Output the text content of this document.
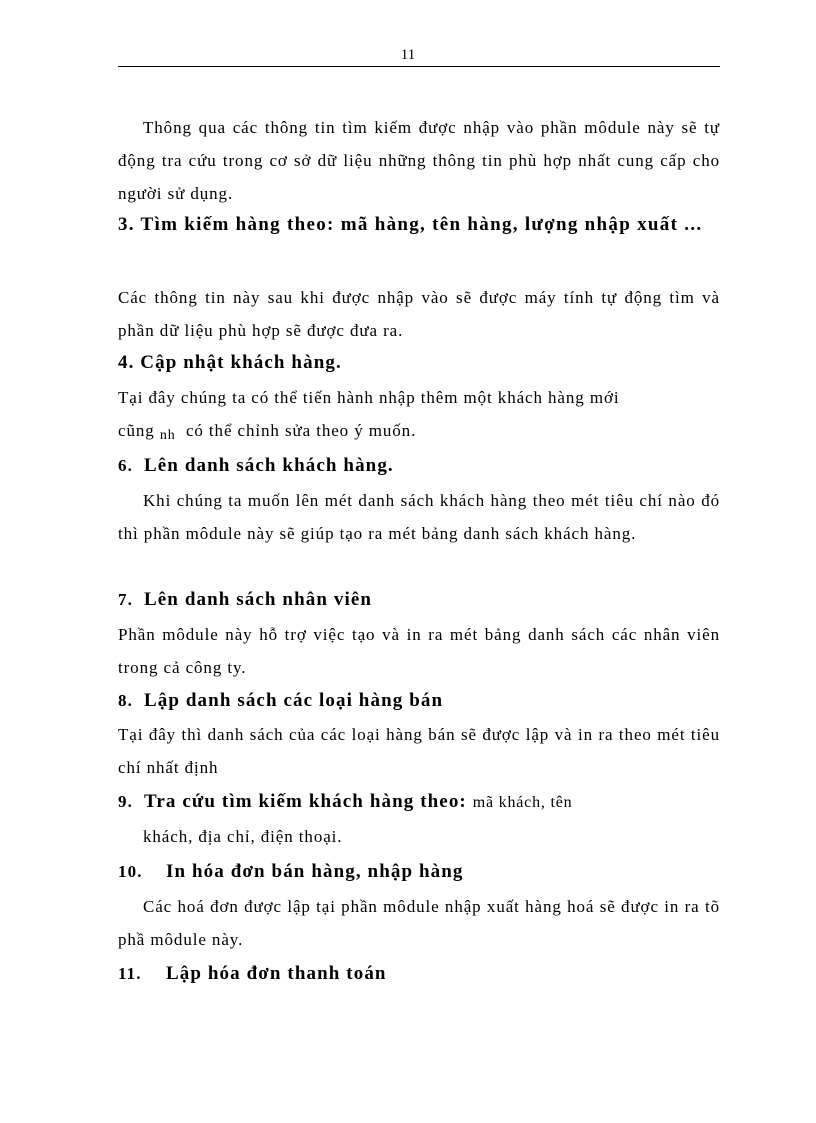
11

Thông qua các thông tin tìm kiếm được nhập vào phần môdule này sẽ tự động tra cứu trong cơ sở dữ liệu những thông tin phù hợp nhất cung cấp cho người sử dụng.

3. Tìm kiếm hàng theo: mã hàng, tên hàng, lượng nhập xuất ...

Các thông tin này sau khi được nhập vào sẽ được máy tính tự động tìm và phần dữ liệu phù hợp sẽ được đưa ra.

4. Cập nhật khách hàng.
Tại đây chúng ta có thể tiến hành nhập thêm một khách hàng mới
cũng $_{nh}$ có thể chỉnh sửa theo ý muốn.
6. Lên danh sách khách hàng.

Khi chúng ta muốn lên mét danh sách khách hàng theo mét tiêu chí nào đó thì phần môdule này sẽ giúp tạo ra mét bảng danh sách khách hàng.

7. Lên danh sách nhân viên

Phần môdule này hỗ trợ việc tạo và in ra mét bảng danh sách các nhân viên trong cả công ty.

8. Lập danh sách các loại hàng bán

Tại đây thì danh sách của các loại hàng bán sẽ được lập và in ra theo mét tiêu chí nhất định

9. Tra cứu tìm kiếm khách hàng theo: mã khách, tên

khách, địa chỉ, điện thoại.

10. In hóa đơn bán hàng, nhập hàng

Các hoá đơn được lập tại phần môdule nhập xuất hàng hoá sẽ được in ra tõ phầ môdule này.

11. Lập hóa đơn thanh toán
